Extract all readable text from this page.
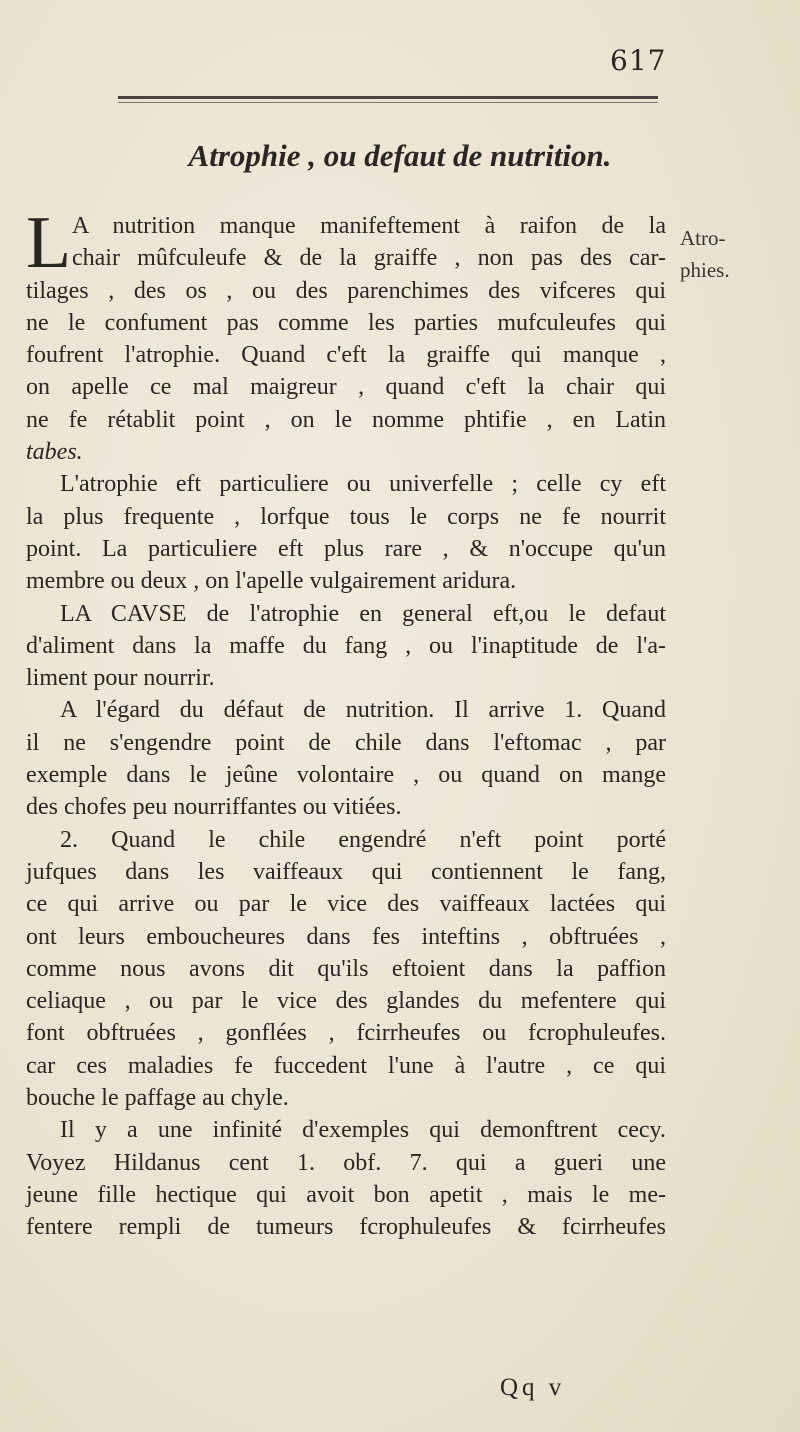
617
Atrophie , ou defaut de nutrition.
Atro-
phies.
L A nutrition manque manifeftement à raifon de la
chair mûfculeufe & de la graiffe , non pas des car-
tilages , des os , ou des parenchimes des vifceres qui
ne le confument pas comme les parties mufculeufes qui
foufrent l'atrophie. Quand c'eft la graiffe qui manque ,
on apelle ce mal maigreur , quand c'eft la chair qui
ne fe rétablit point , on le nomme phtifie , en Latin
tabes.
L'atrophie eft particuliere ou univerfelle ; celle cy eft
la plus frequente , lorfque tous le corps ne fe nourrit
point. La particuliere eft plus rare , & n'occupe qu'un
membre ou deux , on l'apelle vulgairement aridura.
LA CAVSE de l'atrophie en general eft,ou le defaut
d'aliment dans la maffe du fang , ou l'inaptitude de l'a-
liment pour nourrir.
A l'égard du défaut de nutrition. Il arrive 1. Quand
il ne s'engendre point de chile dans l'eftomac , par
exemple dans le jeûne volontaire , ou quand on mange
des chofes peu nourriffantes ou vitiées.
2. Quand le chile engendré n'eft point porté
jufques dans les vaiffeaux qui contiennent le fang,
ce qui arrive ou par le vice des vaiffeaux lactées qui
ont leurs embouchеures dans fes inteftins , obftruées ,
comme nous avons dit qu'ils eftoient dans la paffion
celiaque , ou par le vice des glandes du mefentere qui
font obftruées , gonflées , fcirrheufes ou fcrophuleufes.
car ces maladies fe fuccedent l'une à l'autre , ce qui
bouche le paffage au chyle.
Il y a une infinité d'exemples qui demonftrent cecy.
Voyez Hildanus cent 1. obf. 7. qui a gueri une
jeune fille hectique qui avoit bon apetit , mais le me-
fentere rempli de tumeurs fcrophuleufes & fcirrheufes
Qq v
